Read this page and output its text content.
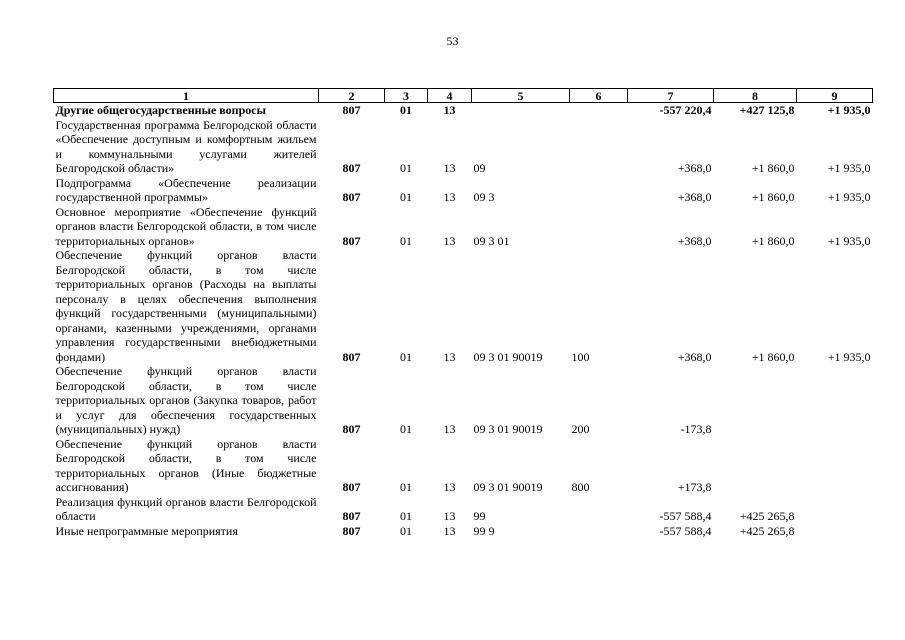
53
1	2	3	4	5	6	7	8	9
Другие общегосударственные вопросы	807	01	13			-557 220,4	+427 125,8	+1 935,0
Государственная программа Белгородской области «Обеспечение доступным и комфортным жильем и коммунальными услугами жителей Белгородской области»	807	01	13	09		+368,0	+1 860,0	+1 935,0
Подпрограмма «Обеспечение реализации государственной программы»	807	01	13	09 3		+368,0	+1 860,0	+1 935,0
Основное мероприятие «Обеспечение функций органов власти Белгородской области, в том числе территориальных органов»	807	01	13	09 3 01		+368,0	+1 860,0	+1 935,0
Обеспечение функций органов власти Белгородской области, в том числе территориальных органов (Расходы на выплаты персоналу в целях обеспечения выполнения функций государственными (муниципальными) органами, казенными учреждениями, органами управления государственными внебюджетными фондами)	807	01	13	09 3 01 90019	100	+368,0	+1 860,0	+1 935,0
Обеспечение функций органов власти Белгородской области, в том числе территориальных органов (Закупка товаров, работ и услуг для обеспечения государственных (муниципальных) нужд)	807	01	13	09 3 01 90019	200	-173,8		
Обеспечение функций органов власти Белгородской области, в том числе территориальных органов (Иные бюджетные ассигнования)	807	01	13	09 3 01 90019	800	+173,8		
Реализация функций органов власти Белгородской области	807	01	13	99		-557 588,4	+425 265,8	
Иные непрограммные мероприятия	807	01	13	99 9		-557 588,4	+425 265,8	
